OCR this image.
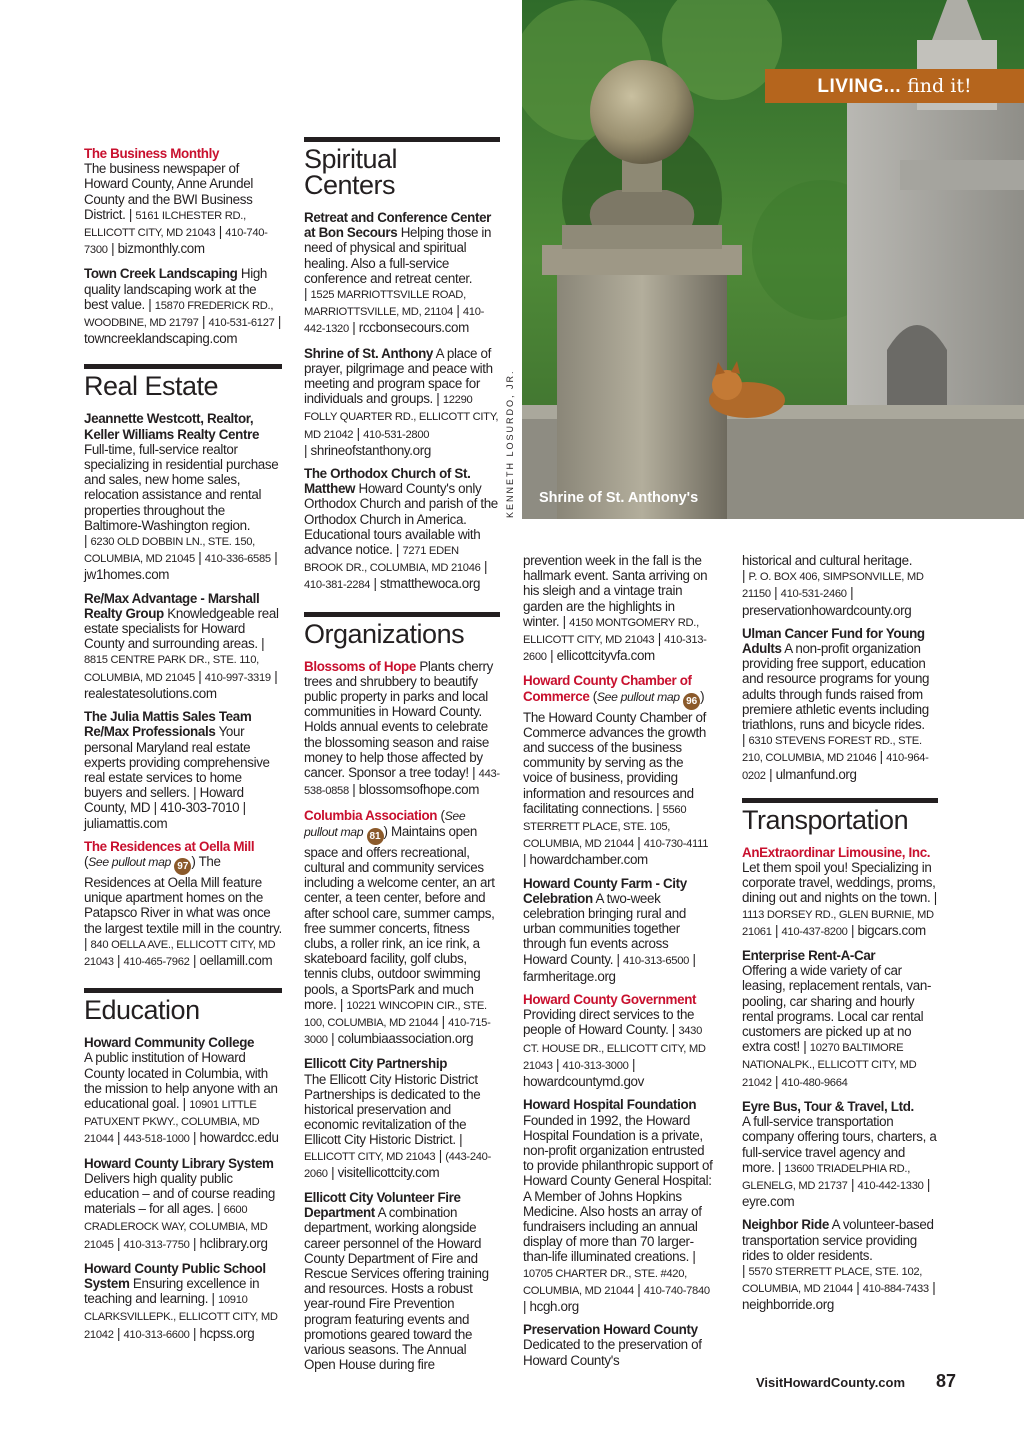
Shrine of St. Anthony's
LIVING... find it!
KENNETH LOSURDO, JR.

The Business Monthly
The business newspaper of Howard County, Anne Arundel County and the BWI Business District. | 5161 ILCHESTER RD., ELLICOTT CITY, MD 21043 | 410-740-7300 | bizmonthly.com

Town Creek Landscaping High quality landscaping work at the best value. | 15870 FREDERICK RD., WOODBINE, MD 21797 | 410-531-6127 | towncreeklandscaping.com

Real Estate

Jeannette Westcott, Realtor, Keller Williams Realty Centre Full-time, full-service realtor specializing in residential purchase and sales, new home sales, relocation assistance and rental properties throughout the Baltimore-Washington region.
| 6230 OLD DOBBIN LN., STE. 150, COLUMBIA, MD 21045 | 410-336-6585 | jw1homes.com

Re/Max Advantage - Marshall Realty Group Knowledgeable real estate specialists for Howard County and surrounding areas. | 8815 CENTRE PARK DR., STE. 110, COLUMBIA, MD 21045 | 410-997-3319 | realestatesolutions.com

The Julia Mattis Sales Team Re/Max Professionals Your personal Maryland real estate experts providing comprehensive real estate services to home buyers and sellers. | Howard County, MD | 410-303-7010 | juliamattis.com

The Residences at Oella Mill (See pullout map 97 ) The Residences at Oella Mill feature unique apartment homes on the Patapsco River in what was once the largest textile mill in the country. | 840 OELLA AVE., ELLICOTT CITY, MD 21043 | 410-465-7962 | oellamill.com

Education

Howard Community College
A public institution of Howard County located in Columbia, with the mission to help anyone with an educational goal. | 10901 LITTLE PATUXENT PKWY., COLUMBIA, MD 21044 | 443-518-1000 | howardcc.edu

Howard County Library System Delivers high quality public education – and of course reading materials – for all ages. | 6600 CRADLEROCK WAY, COLUMBIA, MD 21045 | 410-313-7750 | hclibrary.org

Howard County Public School System Ensuring excellence in teaching and learning. | 10910 CLARKSVILLEPK., ELLICOTT CITY, MD 21042 | 410-313-6600 | hcpss.org

Spiritual Centers

Retreat and Conference Center at Bon Secours Helping those in need of physical and spiritual healing. Also a full-service conference and retreat center.
| 1525 MARRIOTTSVILLE ROAD, MARRIOTTSVILLE, MD, 21104 | 410-442-1320 | rccbonsecours.com

Shrine of St. Anthony A place of prayer, pilgrimage and peace with meeting and program space for individuals and groups. | 12290 FOLLY QUARTER RD., ELLICOTT CITY, MD 21042 | 410-531-2800
| shrineofstanthony.org

The Orthodox Church of St. Matthew Howard County's only Orthodox Church and parish of the Orthodox Church in America. Educational tours available with advance notice. | 7271 EDEN BROOK DR., COLUMBIA, MD 21046 | 410-381-2284 | stmatthewoca.org

Organizations

Blossoms of Hope Plants cherry trees and shrubbery to beautify public property in parks and local communities in Howard County. Holds annual events to celebrate the blossoming season and raise money to help those affected by cancer. Sponsor a tree today! | 443-538-0858 | blossomsofhope.com

Columbia Association (See pullout map 81 ) Maintains open space and offers recreational, cultural and community services including a welcome center, an art center, a teen center, before and after school care, summer camps, free summer concerts, fitness clubs, a roller rink, an ice rink, a skateboard facility, golf clubs, tennis clubs, outdoor swimming pools, a SportsPark and much more. | 10221 WINCOPIN CIR., STE. 100, COLUMBIA, MD 21044 | 410-715-3000 | columbiaassociation.org

Ellicott City Partnership
The Ellicott City Historic District Partnerships is dedicated to the historical preservation and economic revitalization of the Ellicott City Historic District. | ELLICOTT CITY, MD 21043 | (443-240-2060 | visitellicottcity.com

Ellicott City Volunteer Fire Department A combination department, working alongside career personnel of the Howard County Department of Fire and Rescue Services offering training and resources. Hosts a robust year-round Fire Prevention program featuring events and promotions geared toward the various seasons. The Annual Open House during fire

prevention week in the fall is the hallmark event. Santa arriving on his sleigh and a vintage train garden are the highlights in winter. | 4150 MONTGOMERY RD., ELLICOTT CITY, MD 21043 | 410-313-2600 | ellicottcityvfa.com

Howard County Chamber of Commerce (See pullout map 96 ) The Howard County Chamber of Commerce advances the growth and success of the business community by serving as the voice of business, providing information and resources and facilitating connections. | 5560 STERRETT PLACE, STE. 105, COLUMBIA, MD 21044 | 410-730-4111 | howardchamber.com

Howard County Farm - City Celebration A two-week celebration bringing rural and urban communities together through fun events across Howard County. | 410-313-6500 | farmheritage.org

Howard County Government
Providing direct services to the people of Howard County. | 3430 CT. HOUSE DR., ELLICOTT CITY, MD 21043 | 410-313-3000 | howardcountymd.gov

Howard Hospital Foundation
Founded in 1992, the Howard Hospital Foundation is a private, non-profit organization entrusted to provide philanthropic support of Howard County General Hospital: A Member of Johns Hopkins Medicine. Also hosts an array of fundraisers including an annual display of more than 70 larger-than-life illuminated creations. | 10705 CHARTER DR., STE. #420, COLUMBIA, MD 21044 | 410-740-7840 | hcgh.org

Preservation Howard County Dedicated to the preservation of Howard County's

historical and cultural heritage.
| P. O. BOX 406, SIMPSONVILLE, MD 21150 | 410-531-2460 | preservationhowardcounty.org

Ulman Cancer Fund for Young Adults A non-profit organization providing free support, education and resource programs for young adults through funds raised from premiere athletic events including triathlons, runs and bicycle rides.
| 6310 STEVENS FOREST RD., STE. 210, COLUMBIA, MD 21046 | 410-964-0202 | ulmanfund.org

Transportation

AnExtraordinar Limousine, Inc. Let them spoil you! Specializing in corporate travel, weddings, proms, dining out and nights on the town. | 1113 DORSEY RD., GLEN BURNIE, MD 21061 | 410-437-8200 | bigcars.com

Enterprise Rent-A-Car
Offering a wide variety of car leasing, replacement rentals, van-pooling, car sharing and hourly rental programs. Local car rental customers are picked up at no extra cost! | 10270 BALTIMORE NATIONALPK., ELLICOTT CITY, MD 21042 | 410-480-9664

Eyre Bus, Tour & Travel, Ltd.
A full-service transportation company offering tours, charters, a full-service travel agency and more. | 13600 TRIADELPHIA RD., GLENELG, MD 21737 | 410-442-1330 | eyre.com

Neighbor Ride A volunteer-based transportation service providing rides to older residents.
| 5570 STERRETT PLACE, STE. 102, COLUMBIA, MD 21044 | 410-884-7433 | neighborride.org

VisitHowardCounty.com 87
